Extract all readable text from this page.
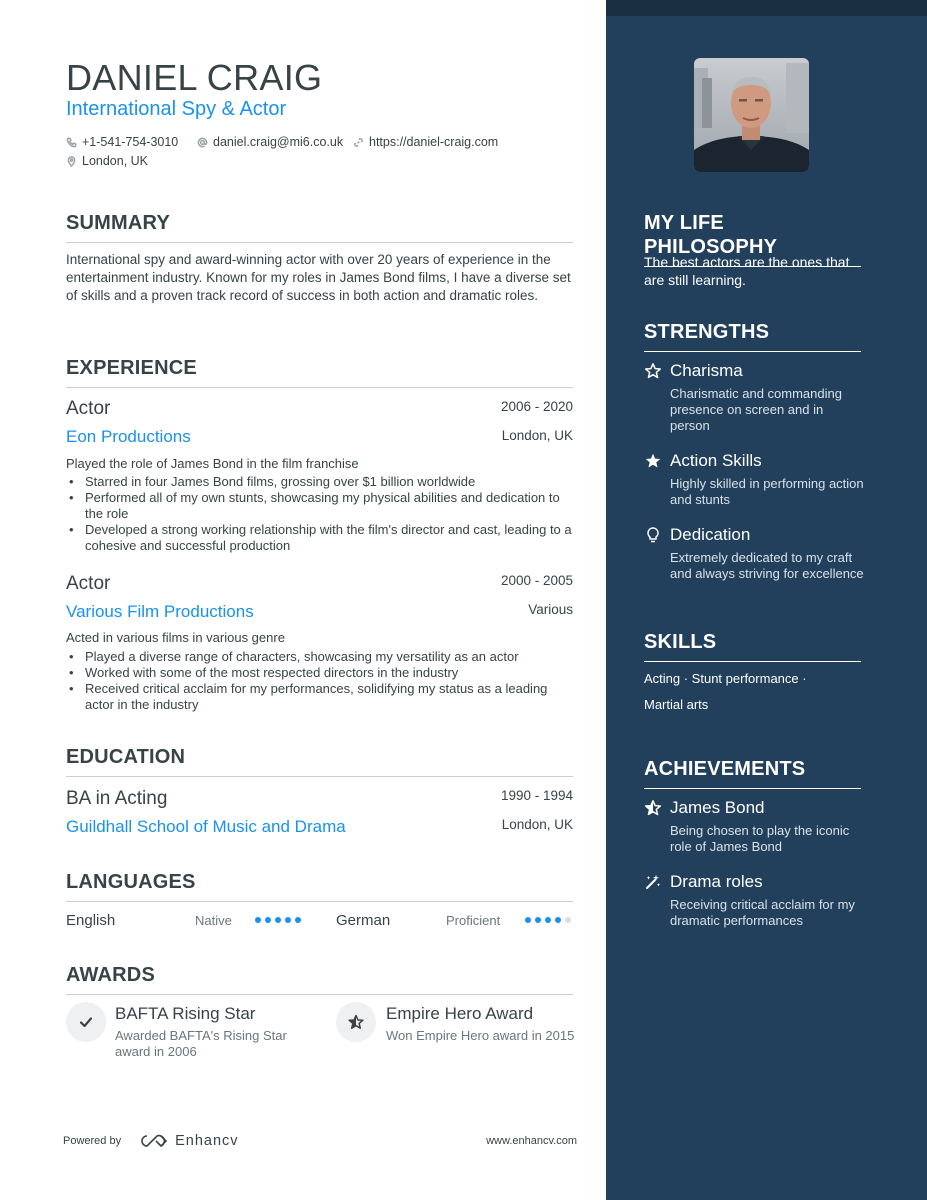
DANIEL CRAIG
International Spy & Actor
+1-541-754-3010	daniel.craig@mi6.co.uk https://daniel-craig.com
London, UK
SUMMARY

International spy and award-winning actor with over 20 years of experience in the entertainment industry. Known for my roles in James Bond films, I have a diverse set of skills and a proven track record of success in both action and dramatic roles.

EXPERIENCE
Actor	2006 - 2020
Eon Productions	London, UK
Played the role of James Bond in the film franchise
• Starred in four James Bond films, grossing over $1 billion worldwide
• Performed all of my own stunts, showcasing my physical abilities and dedication to the role
• Developed a strong working relationship with the film's director and cast, leading to a cohesive and successful production
Actor	2000 - 2005
Various Film Productions	Various
Acted in various films in various genre
• Played a diverse range of characters, showcasing my versatility as an actor
• Worked with some of the most respected directors in the industry
• Received critical acclaim for my performances, solidifying my status as a leading actor in the industry
EDUCATION
BA in Acting	1990 - 1994
Guildhall School of Music and Drama	London, UK
LANGUAGES
English	Native	German	Proficient
AWARDS
BAFTA Rising Star
Awarded BAFTA's Rising Star award in 2006
Empire Hero Award
Won Empire Hero award in 2015
Powered by	Enhancv	www.enhancv.com
MY LIFE PHILOSOPHY

The best actors are the ones that are still learning.

STRENGTHS
Charisma
Charismatic and commanding presence on screen and in person
Action Skills
Highly skilled in performing action and stunts
Dedication
Extremely dedicated to my craft and always striving for excellence
SKILLS
Acting · Stunt performance ·
Martial arts
ACHIEVEMENTS
James Bond
Being chosen to play the iconic role of James Bond
Drama roles
Receiving critical acclaim for my dramatic performances
